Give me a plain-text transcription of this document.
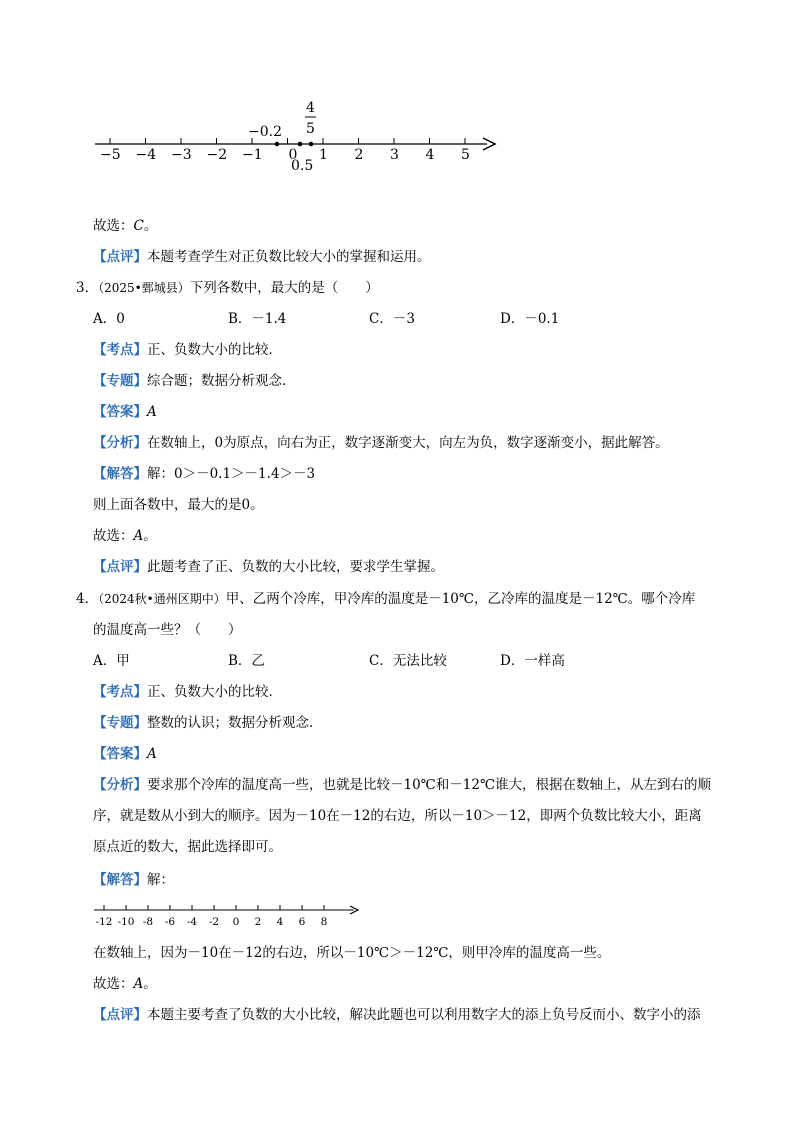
−5 −4 −3 −2 −1 0 1 2 3 4 5
−0.2
0.5
4
5
故选：C。
【点评】本题考查学生对正负数比较大小的掌握和运用。
3．（2025•鄄城县）下列各数中，最大的是（　　）
A．0	B．－1.4	C．－3	D．－0.1
【考点】正、负数大小的比较．
【专题】综合题；数据分析观念．
【答案】A
【分析】在数轴上，0为原点，向右为正，数字逐渐变大，向左为负，数字逐渐变小，据此解答。
【解答】解：0＞－0.1＞－1.4＞－3
则上面各数中，最大的是0。
故选：A。
【点评】此题考查了正、负数的大小比较，要求学生掌握。
4．（2024秋•通州区期中）甲、乙两个冷库，甲冷库的温度是－10℃，乙冷库的温度是－12℃。哪个冷库
的温度高一些？（　　）
A．甲	B．乙	C．无法比较	D．一样高
【考点】正、负数大小的比较．
【专题】整数的认识；数据分析观念．
【答案】A
【分析】要求那个冷库的温度高一些，也就是比较－10℃和－12℃谁大，根据在数轴上，从左到右的顺
序，就是数从小到大的顺序。因为－10在－12的右边，所以－10＞－12，即两个负数比较大小，距离
原点近的数大，据此选择即可。
【解答】解：
-12 -10 -8 -6 -4 -2 0 2 4 6 8
在数轴上，因为－10在－12的右边，所以－10℃＞－12℃，则甲冷库的温度高一些。
故选：A。
【点评】本题主要考查了负数的大小比较，解决此题也可以利用数字大的添上负号反而小、数字小的添
